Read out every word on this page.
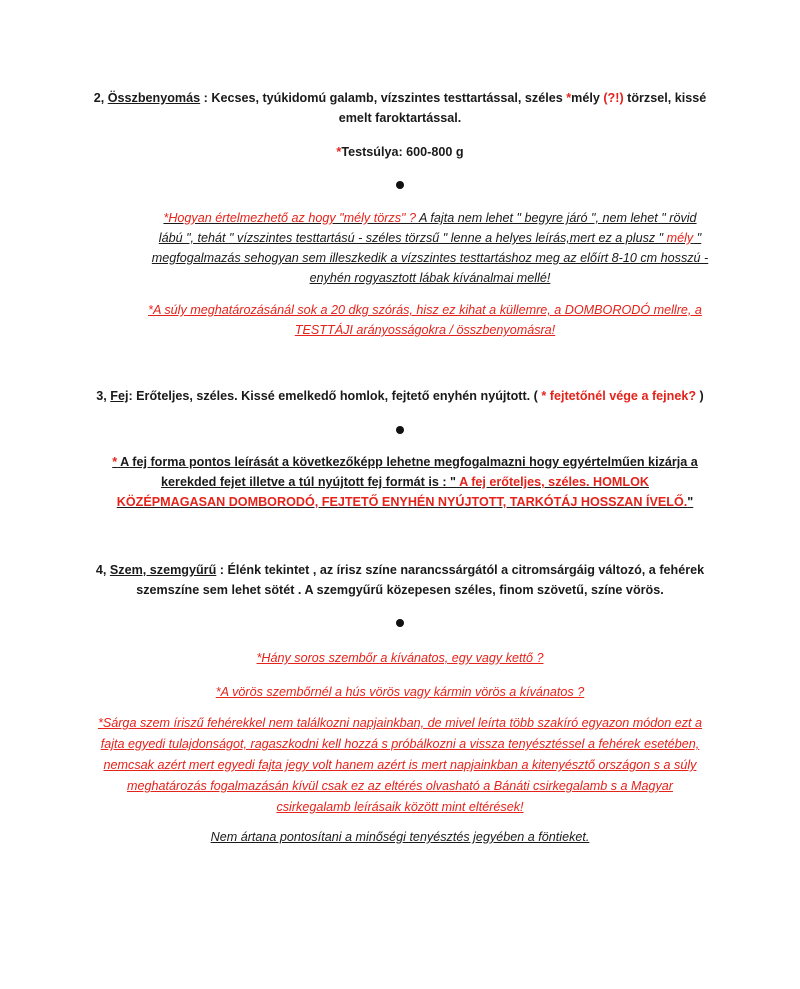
2, Összbenyomás : Kecses, tyúkidomú galamb, vízszintes testtartással, széles *mély (?!) törzsel, kissé emelt faroktartással.

*Testsúlya: 600-800 g

*Hogyan értelmezhető az hogy "mély törzs" ? A fajta nem lehet " begyre járó ", nem lehet " rövid lábú ", tehát " vízszintes testtartású - széles törzsű " lenne a helyes leírás,mert ez a plusz " mély " megfogalmazás sehogyan sem illeszkedik a vízszintes testtartáshoz meg az előírt 8-10 cm hosszú - enyhén rogyasztott lábak kívánalmai mellé!

*A súly meghatározásánál sok a 20 dkg szórás, hisz ez kihat a küllemre, a DOMBORODÓ mellre, a TESTTÁJI arányosságokra / összbenyomásra!

3, Fej: Erőteljes, széles. Kissé emelkedő homlok, fejtető enyhén nyújtott. ( * fejtetőnél vége a fejnek? )

* A fej forma pontos leírását a következőképp lehetne megfogalmazni hogy egyértelműen kizárja a kerekded fejet illetve a túl nyújtott fej formát is : " A fej erőteljes, széles. HOMLOK KÖZÉPMAGASAN DOMBORODÓ, FEJTETŐ ENYHÉN NYÚJTOTT, TARKÓTÁJ HOSSZAN ÍVELŐ."

4, Szem, szemgyűrű : Élénk tekintet , az írisz színe narancssárgától a citromsárgáig változó, a fehérek szemszíne sem lehet sötét . A szemgyűrű közepesen széles, finom szövetű, színe vörös.

*Hány soros szembőr a kívánatos, egy vagy kettő ?

*A vörös szembőrnél a hús vörös vagy kármin vörös a kívánatos ?

*Sárga szem íriszű fehérekkel nem találkozni napjainkban, de mivel leírta több szakíró egyazon módon ezt a fajta egyedi tulajdonságot, ragaszkodni kell hozzá s próbálkozni a vissza tenyésztéssel a fehérek esetében, nemcsak azért mert egyedi fajta jegy volt hanem azért is mert napjainkban a kitenyésztő országon s a súly meghatározás fogalmazásán kívül csak ez az eltérés olvasható a Bánáti csirkegalamb s a Magyar csirkegalamb leírásaik között mint eltérések!

Nem ártana pontosítani a minőségi tenyésztés jegyében a föntieket.
